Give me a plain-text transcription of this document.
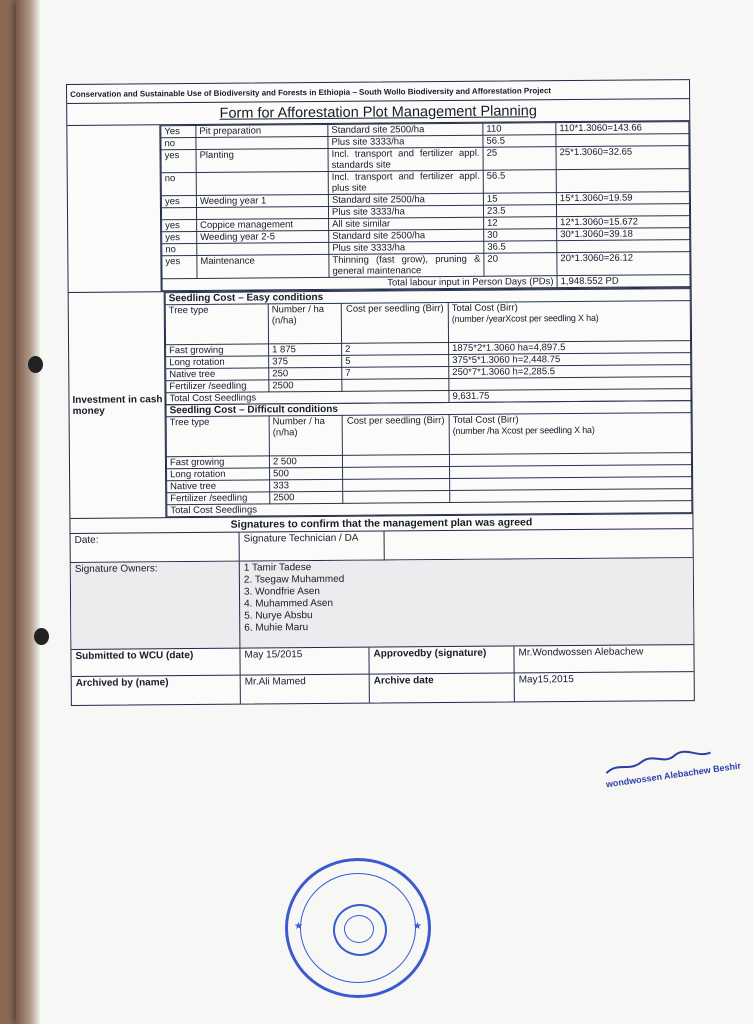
Conservation and Sustainable Use of Biodiversity and Forests in Ethiopia – South Wollo Biodiversity and Afforestation Project
Form for Afforestation Plot Management Planning
Yes	Pit preparation	Standard site 2500/ha	110	110*1.3060=143.66
no		Plus site 3333/ha	56.5	
yes	Planting	Incl. transport and fertilizer appl. standards site	25	25*1.3060=32.65
no		Incl. transport and fertilizer appl. plus site	56.5	
yes	Weeding year 1	Standard site 2500/ha	15	15*1.3060=19.59
		Plus site 3333/ha	23.5	
yes	Coppice management	All site similar	12	12*1.3060=15.672
yes	Weeding year 2-5	Standard site 2500/ha	30	30*1.3060=39.18
no		Plus site 3333/ha	36.5	
yes	Maintenance	Thinning (fast grow), pruning & general maintenance	20	20*1.3060=26.12
Total labour input in Person Days (PDs)				1,948.552 PD
Investment in cash money
Seedling Cost – Easy conditions			
Tree type	Number / ha (n/ha)	Cost per seedling (Birr)	Total Cost (Birr)
(number /yearXcost per seedling X ha)

Fast growing	1 875	2	1875*2*1.3060 ha=4,897.5
Long rotation	375	5	375*5*1.3060 h=2,448.75
Native tree	250	7	250*7*1.3060 h=2,285.5
Fertilizer /seedling	2500		
Total Cost Seedlings			9,631.75
Seedling Cost – Difficult conditions			
Tree type	Number / ha (n/ha)	Cost per seedling (Birr)	Total Cost (Birr)
(number /ha Xcost per seedling X ha)

Fast growing	2 500		
Long rotation	500		
Native tree	333		
Fertilizer /seedling	2500		
Total Cost Seedlings			
Signatures to confirm that the management plan was agreed
Date:	Signature Technician / DA
Signature Owners:	1 Tamir Tadese
2. Tsegaw Muhammed
3. Wondfrie Asen
4. Muhammed Asen
5. Nurye Absbu
6. Muhie Maru
Submitted to WCU (date)	May 15/2015	Approvedby (signature)	Mr.Wondwossen Alebachew
Archived by (name)	Mr.Ali Mamed	Archive date	May15,2015
wondwossen Alebachew Beshir
★	★
